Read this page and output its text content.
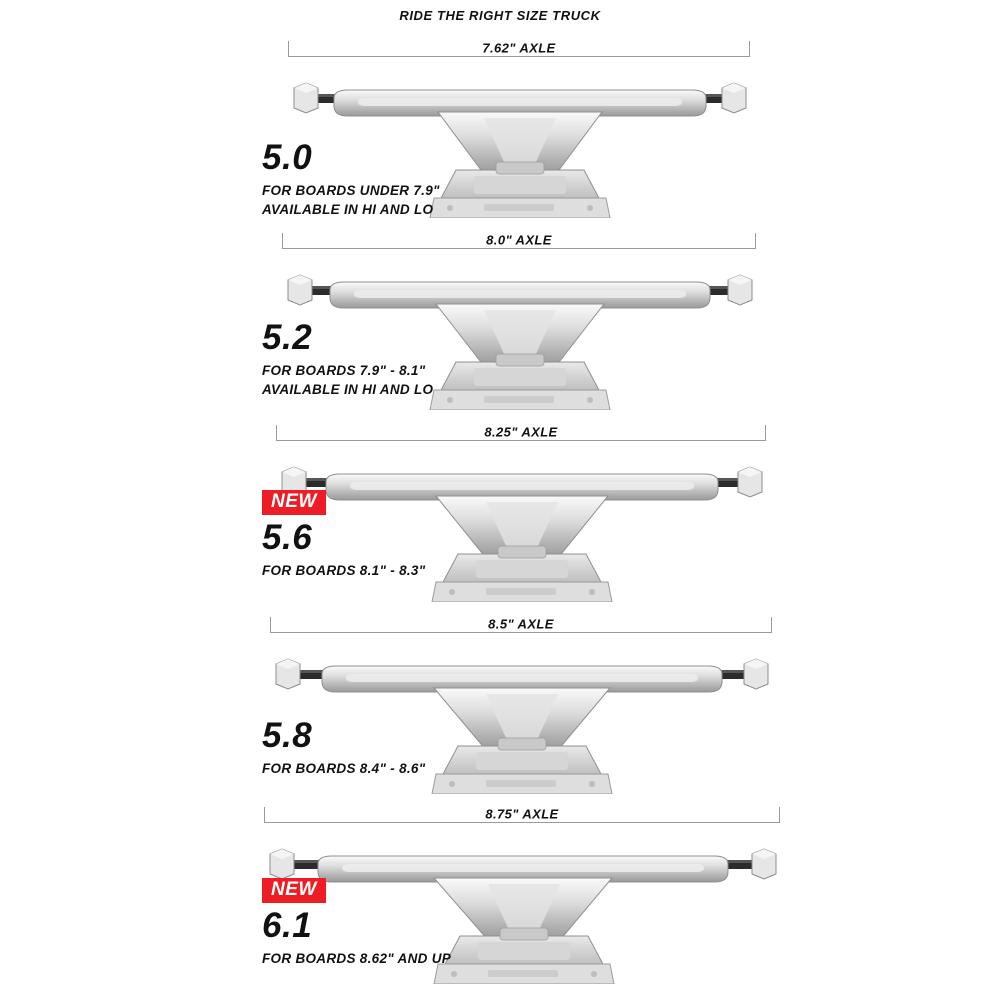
RIDE THE RIGHT SIZE TRUCK
7.62" AXLE
5.0
FOR BOARDS UNDER 7.9"
AVAILABLE IN HI AND LO
8.0" AXLE
5.2
FOR BOARDS 7.9" - 8.1"
AVAILABLE IN HI AND LO
8.25" AXLE
NEW
5.6
FOR BOARDS 8.1" - 8.3"
8.5" AXLE
5.8
FOR BOARDS 8.4" - 8.6"
8.75" AXLE
NEW
6.1
FOR BOARDS 8.62" AND UP
